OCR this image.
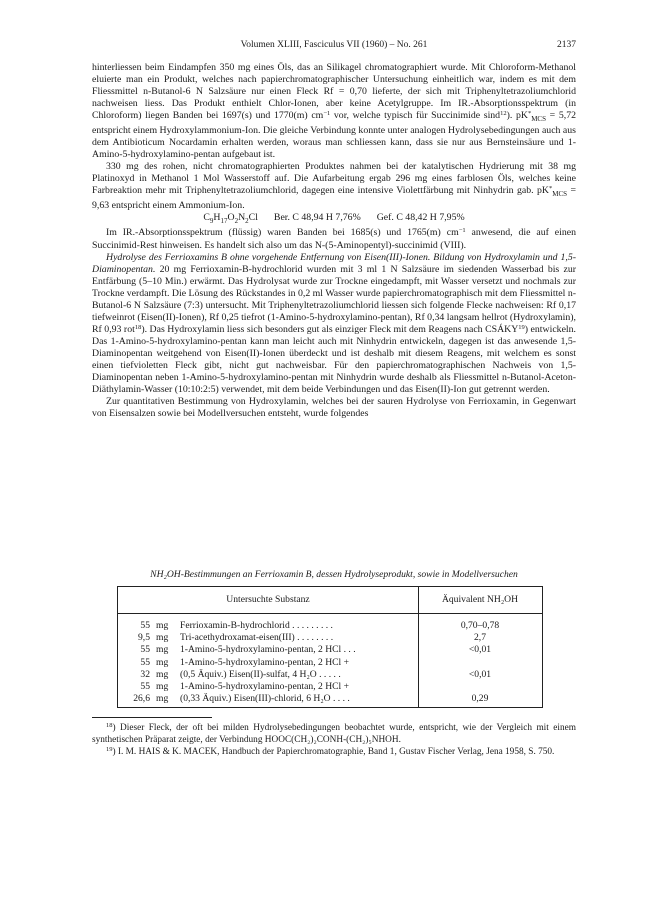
Volumen XLIII, Fasciculus VII (1960) – No. 261	2137

hinterliessen beim Eindampfen 350 mg eines Öls, das an Silikagel chromatographiert wurde. Mit Chloroform-Methanol eluierte man ein Produkt, welches nach papierchromatographischer Untersuchung einheitlich war, indem es mit dem Fliessmittel n-Butanol-6 N Salzsäure nur einen Fleck Rf = 0,70 lieferte, der sich mit Triphenyltetrazoliumchlorid nachweisen liess. Das Produkt enthielt Chlor-Ionen, aber keine Acetylgruppe. Im IR.-Absorptionsspektrum (in Chloroform) liegen Banden bei 1697(s) und 1770(m) $cm^{-1}$ vor, welche typisch für Succinimide sind$^{12}$). $pK^*_{MCS} = 5,72$ entspricht einem Hydroxylammonium-Ion. Die gleiche Verbindung konnte unter analogen Hydrolysebedingungen auch aus dem Antibioticum Nocardamin erhalten werden, woraus man schliessen kann, dass sie nur aus Bernsteinsäure und 1-Amino-5-hydroxylamino-pentan aufgebaut ist.

330 mg des rohen, nicht chromatographierten Produktes nahmen bei der katalytischen Hydrierung mit 38 mg Platinoxyd in Methanol 1 Mol Wasserstoff auf. Die Aufarbeitung ergab 296 mg eines farblosen Öls, welches keine Farbreaktion mehr mit Triphenyltetrazoliumchlorid, dagegen eine intensive Violettfärbung mit Ninhydrin gab. $pK^*_{MCS} = 9,63$ entspricht einem Ammonium-Ion.

$C_9H_{17}O_2N_2Cl$ Ber. C 48,94 H 7,76% Gef. C 48,42 H 7,95%

Im IR.-Absorptionsspektrum (flüssig) waren Banden bei 1685(s) und 1765(m) $cm^{-1}$ anwesend, die auf einen Succinimid-Rest hinweisen. Es handelt sich also um das N-(5-Aminopentyl)-succinimid (VIII).

Hydrolyse des Ferrioxamins B ohne vorgehende Entfernung von Eisen(III)-Ionen. Bildung von Hydroxylamin und 1,5-Diaminopentan. 20 mg Ferrioxamin-B-hydrochlorid wurden mit 3 ml 1 N Salzsäure im siedenden Wasserbad bis zur Entfärbung (5–10 Min.) erwärmt. Das Hydrolysat wurde zur Trockne eingedampft, mit Wasser versetzt und nochmals zur Trockne verdampft. Die Lösung des Rückstandes in 0,2 ml Wasser wurde papierchromatographisch mit dem Fliessmittel n-Butanol-6 N Salzsäure (7:3) untersucht. Mit Triphenyltetrazoliumchlorid liessen sich folgende Flecke nachweisen: Rf 0,17 tiefweinrot (Eisen(II)-Ionen), Rf 0,25 tiefrot (1-Amino-5-hydroxylamino-pentan), Rf 0,34 langsam hellrot (Hydroxylamin), Rf 0,93 rot$^{18}$). Das Hydroxylamin liess sich besonders gut als einziger Fleck mit dem Reagens nach CSÁKY$^{19}$) entwickeln. Das 1-Amino-5-hydroxylamino-pentan kann man leicht auch mit Ninhydrin entwickeln, dagegen ist das anwesende 1,5-Diaminopentan weitgehend von Eisen(II)-Ionen überdeckt und ist deshalb mit diesem Reagens, mit welchem es sonst einen tiefvioletten Fleck gibt, nicht gut nachweisbar. Für den papierchromatographischen Nachweis von 1,5-Diaminopentan neben 1-Amino-5-hydroxylamino-pentan mit Ninhydrin wurde deshalb als Fliessmittel n-Butanol-Aceton-Diäthylamin-Wasser (10:10:2:5) verwendet, mit dem beide Verbindungen und das Eisen(II)-Ion gut getrennt werden.

Zur quantitativen Bestimmung von Hydroxylamin, welches bei der sauren Hydrolyse von Ferrioxamin, in Gegenwart von Eisensalzen sowie bei Modellversuchen entsteht, wurde folgendes

NH₂OH-Bestimmungen an Ferrioxamin B, dessen Hydrolyseprodukt, sowie in Modellversuchen
Untersuchte Substanz	Äquivalent NH₂OH
55 mg Ferrioxamin-B-hydrochlorid . . . . . . . . .	0,70–0,78
9,5 mg Tri-acethydroxamat-eisen(III) . . . . . . . .	2,7
55 mg 1-Amino-5-hydroxylamino-pentan, 2 HCl . . .	<0,01
55 mg 1-Amino-5-hydroxylamino-pentan, 2 HCl +
32 mg (0,5 Äquiv.) Eisen(II)-sulfat, 4 H₂O . . . . .	<0,01
55 mg 1-Amino-5-hydroxylamino-pentan, 2 HCl +
26,6 mg (0,33 Äquiv.) Eisen(III)-chlorid, 6 H₂O . . . .	0,29

$^{18}$) Dieser Fleck, der oft bei milden Hydrolysebedingungen beobachtet wurde, entspricht, wie der Vergleich mit einem synthetischen Präparat zeigte, der Verbindung HOOC(CH₂)₂CONH-(CH₂)₅NHOH.

$^{19}$) I. M. HAIS & K. MACEK, Handbuch der Papierchromatographie, Band 1, Gustav Fischer Verlag, Jena 1958, S. 750.
